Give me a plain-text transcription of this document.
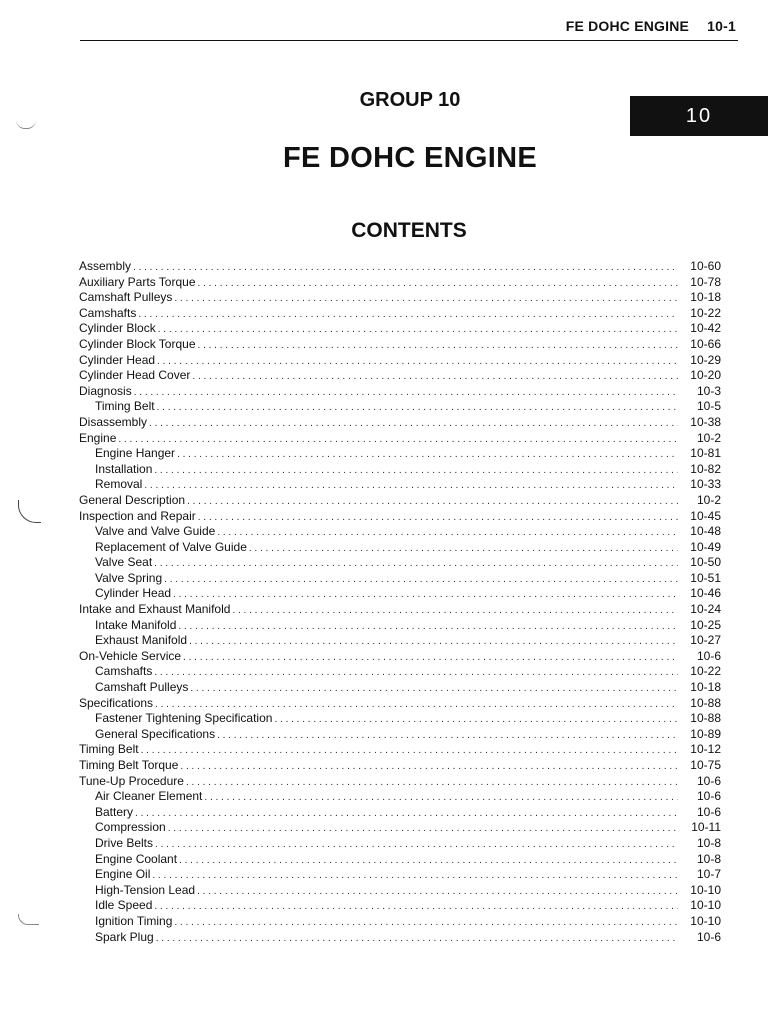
FE DOHC ENGINE 10-1
GROUP 10
10
FE DOHC ENGINE
CONTENTS
Assembly . . .	10-60
Auxiliary Parts Torque . . .	10-78
Camshaft Pulleys . . .	10-18
Camshafts . . .	10-22
Cylinder Block . . .	10-42
Cylinder Block Torque . . .	10-66
Cylinder Head . . .	10-29
Cylinder Head Cover . . .	10-20
Diagnosis . . .	10-3
Timing Belt . . .	10-5
Disassembly . . .	10-38
Engine . . .	10-2
Engine Hanger . . .	10-81
Installation . . .	10-82
Removal . . .	10-33
General Description . . .	10-2
Inspection and Repair . . .	10-45
Valve and Valve Guide . . .	10-48
Replacement of Valve Guide . . .	10-49
Valve Seat . . .	10-50
Valve Spring . . .	10-51
Cylinder Head . . .	10-46
Intake and Exhaust Manifold . . .	10-24
Intake Manifold . . .	10-25
Exhaust Manifold . . .	10-27
On-Vehicle Service . . .	10-6
Camshafts . . .	10-22
Camshaft Pulleys . . .	10-18
Specifications . . .	10-88
Fastener Tightening Specification . . .	10-88
General Specifications . . .	10-89
Timing Belt . . .	10-12
Timing Belt Torque . . .	10-75
Tune-Up Procedure . . .	10-6
Air Cleaner Element . . .	10-6
Battery . . .	10-6
Compression . . .	10-11
Drive Belts . . .	10-8
Engine Coolant . . .	10-8
Engine Oil . . .	10-7
High-Tension Lead . . .	10-10
Idle Speed . . .	10-10
Ignition Timing . . .	10-10
Spark Plug . . .	10-6
